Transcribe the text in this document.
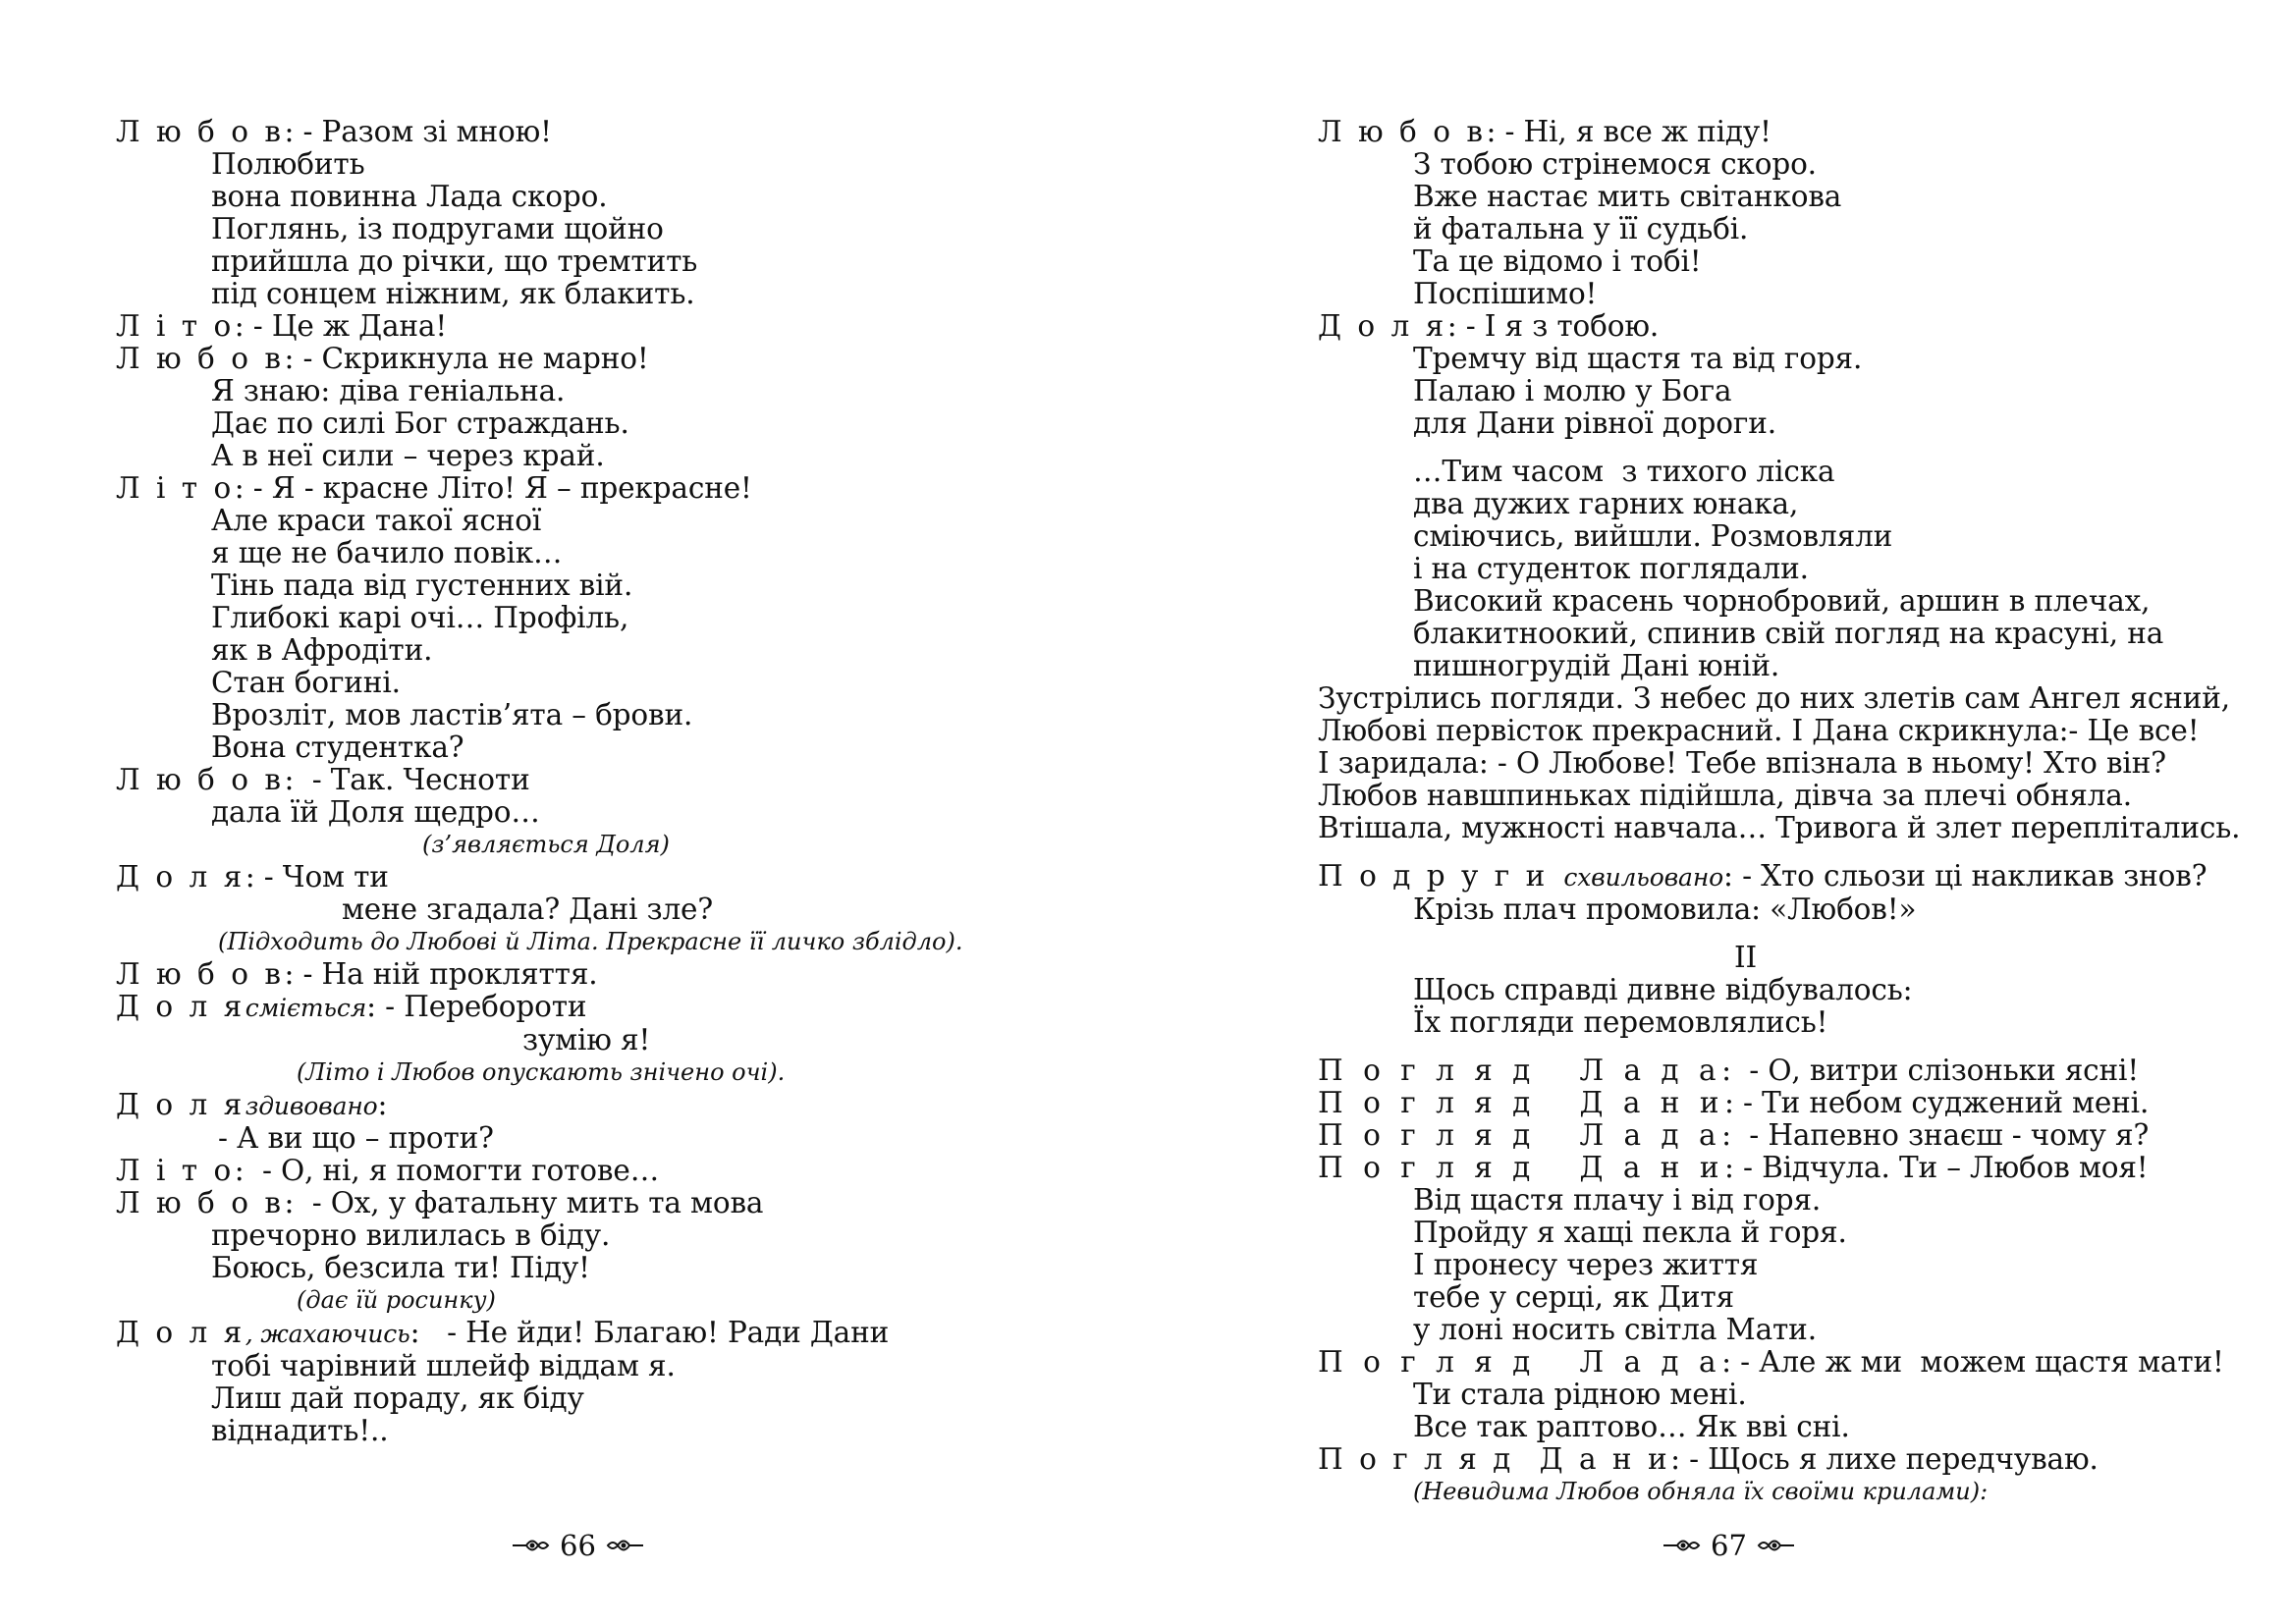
Л ю б о в: - Разом зі мною!
Полюбить
вона повинна Лада скоро.
Поглянь, із подругами щойно
прийшла до річки, що тремтить
під сонцем ніжним, як блакить.
Л і т о: - Це ж Дана!
Л ю б о в: - Скрикнула не марно!
Я знаю: діва геніальна.
Дає по силі Бог страждань.
А в неї сили – через край.
Л і т о: - Я - красне Літо! Я – прекрасне!
Але краси такої ясної
я ще не бачило повік…
Тінь пада від густенних вій.
Глибокі карі очі… Профіль,
як в Афродіти.
Стан богині.
Врозліт, мов ластів’ята – брови.
Вона студентка?
Л ю б о в:  - Так. Чесноти
дала їй Доля щедро…
(з’являється Доля)
Д о л я: - Чом ти
мене згадала? Дані зле?
(Підходить до Любові й Літа. Прекрасне її личко зблідло).
Л ю б о в: - На ній прокляття.
Д о л ясміється: - Перебороти
зумію я!
(Літо і Любов опускають знічено очі).
Д о л яздивовано:
- А ви що – проти?
Л і т о:  - О, ні, я помогти готове…
Л ю б о в:  - Ох, у фатальну мить та мова
пречорно вилилась в біду.
Боюсь, безсила ти! Піду!
(дає їй росинку)
Д о л я, жахаючись:   - Не йди! Благаю! Ради Дани
тобі чарівний шлейф віддам я.
Лиш дай пораду, як біду
віднадить!..
Л ю б о в: - Ні, я все ж піду!
З тобою стрінемося скоро.
Вже настає мить світанкова
й фатальна у її судьбі.
Та це відомо і тобі!
Поспішимо!
Д о л я: - І я з тобою.
Тремчу від щастя та від горя.
Палаю і молю у Бога
для Дани рівної дороги.
…Тим часом  з тихого ліска
два дужих гарних юнака,
сміючись, вийшли. Розмовляли
і на студенток поглядали.
Високий красень чорнобровий, аршин в плечах,
блакитноокий, спинив свій погляд на красуні, на
пишногрудій Дані юній.
Зустрілись погляди. З небес до них злетів сам Ангел ясний,
Любові первісток прекрасний. І Дана скрикнула:- Це все!
І заридала: - О Любове! Тебе впізнала в ньому! Хто він?
Любов навшпиньках підійшла, дівча за плечі обняла.
Втішала, мужності навчала… Тривога й злет переплітались.
П о д р у г и  схвильовано: - Хто сльози ці накликав знов?
Крізь плач промовила: «Любов!»
ІІ
Щось справді дивне відбувалось:
Їх погляди перемовлялись!
П о г л я д   Л а д а:  - О, витри слізоньки ясні!
П о г л я д   Д а н и: - Ти небом суджений мені.
П о г л я д   Л а д а:  - Напевно знаєш - чому я?
П о г л я д   Д а н и: - Відчула. Ти – Любов моя!
Від щастя плачу і від горя.
Пройду я хащі пекла й горя.
І пронесу через життя
тебе у серці, як Дитя
у лоні носить світла Мати.
П о г л я д   Л а д а: - Але ж ми  можем щастя мати!
Ти стала рідною мені.
Все так раптово… Як вві сні.
П о г л я д  Д а н и: - Щось я лихе передчуваю.
(Невидима Любов обняла їх своїми крилами):
66	67
